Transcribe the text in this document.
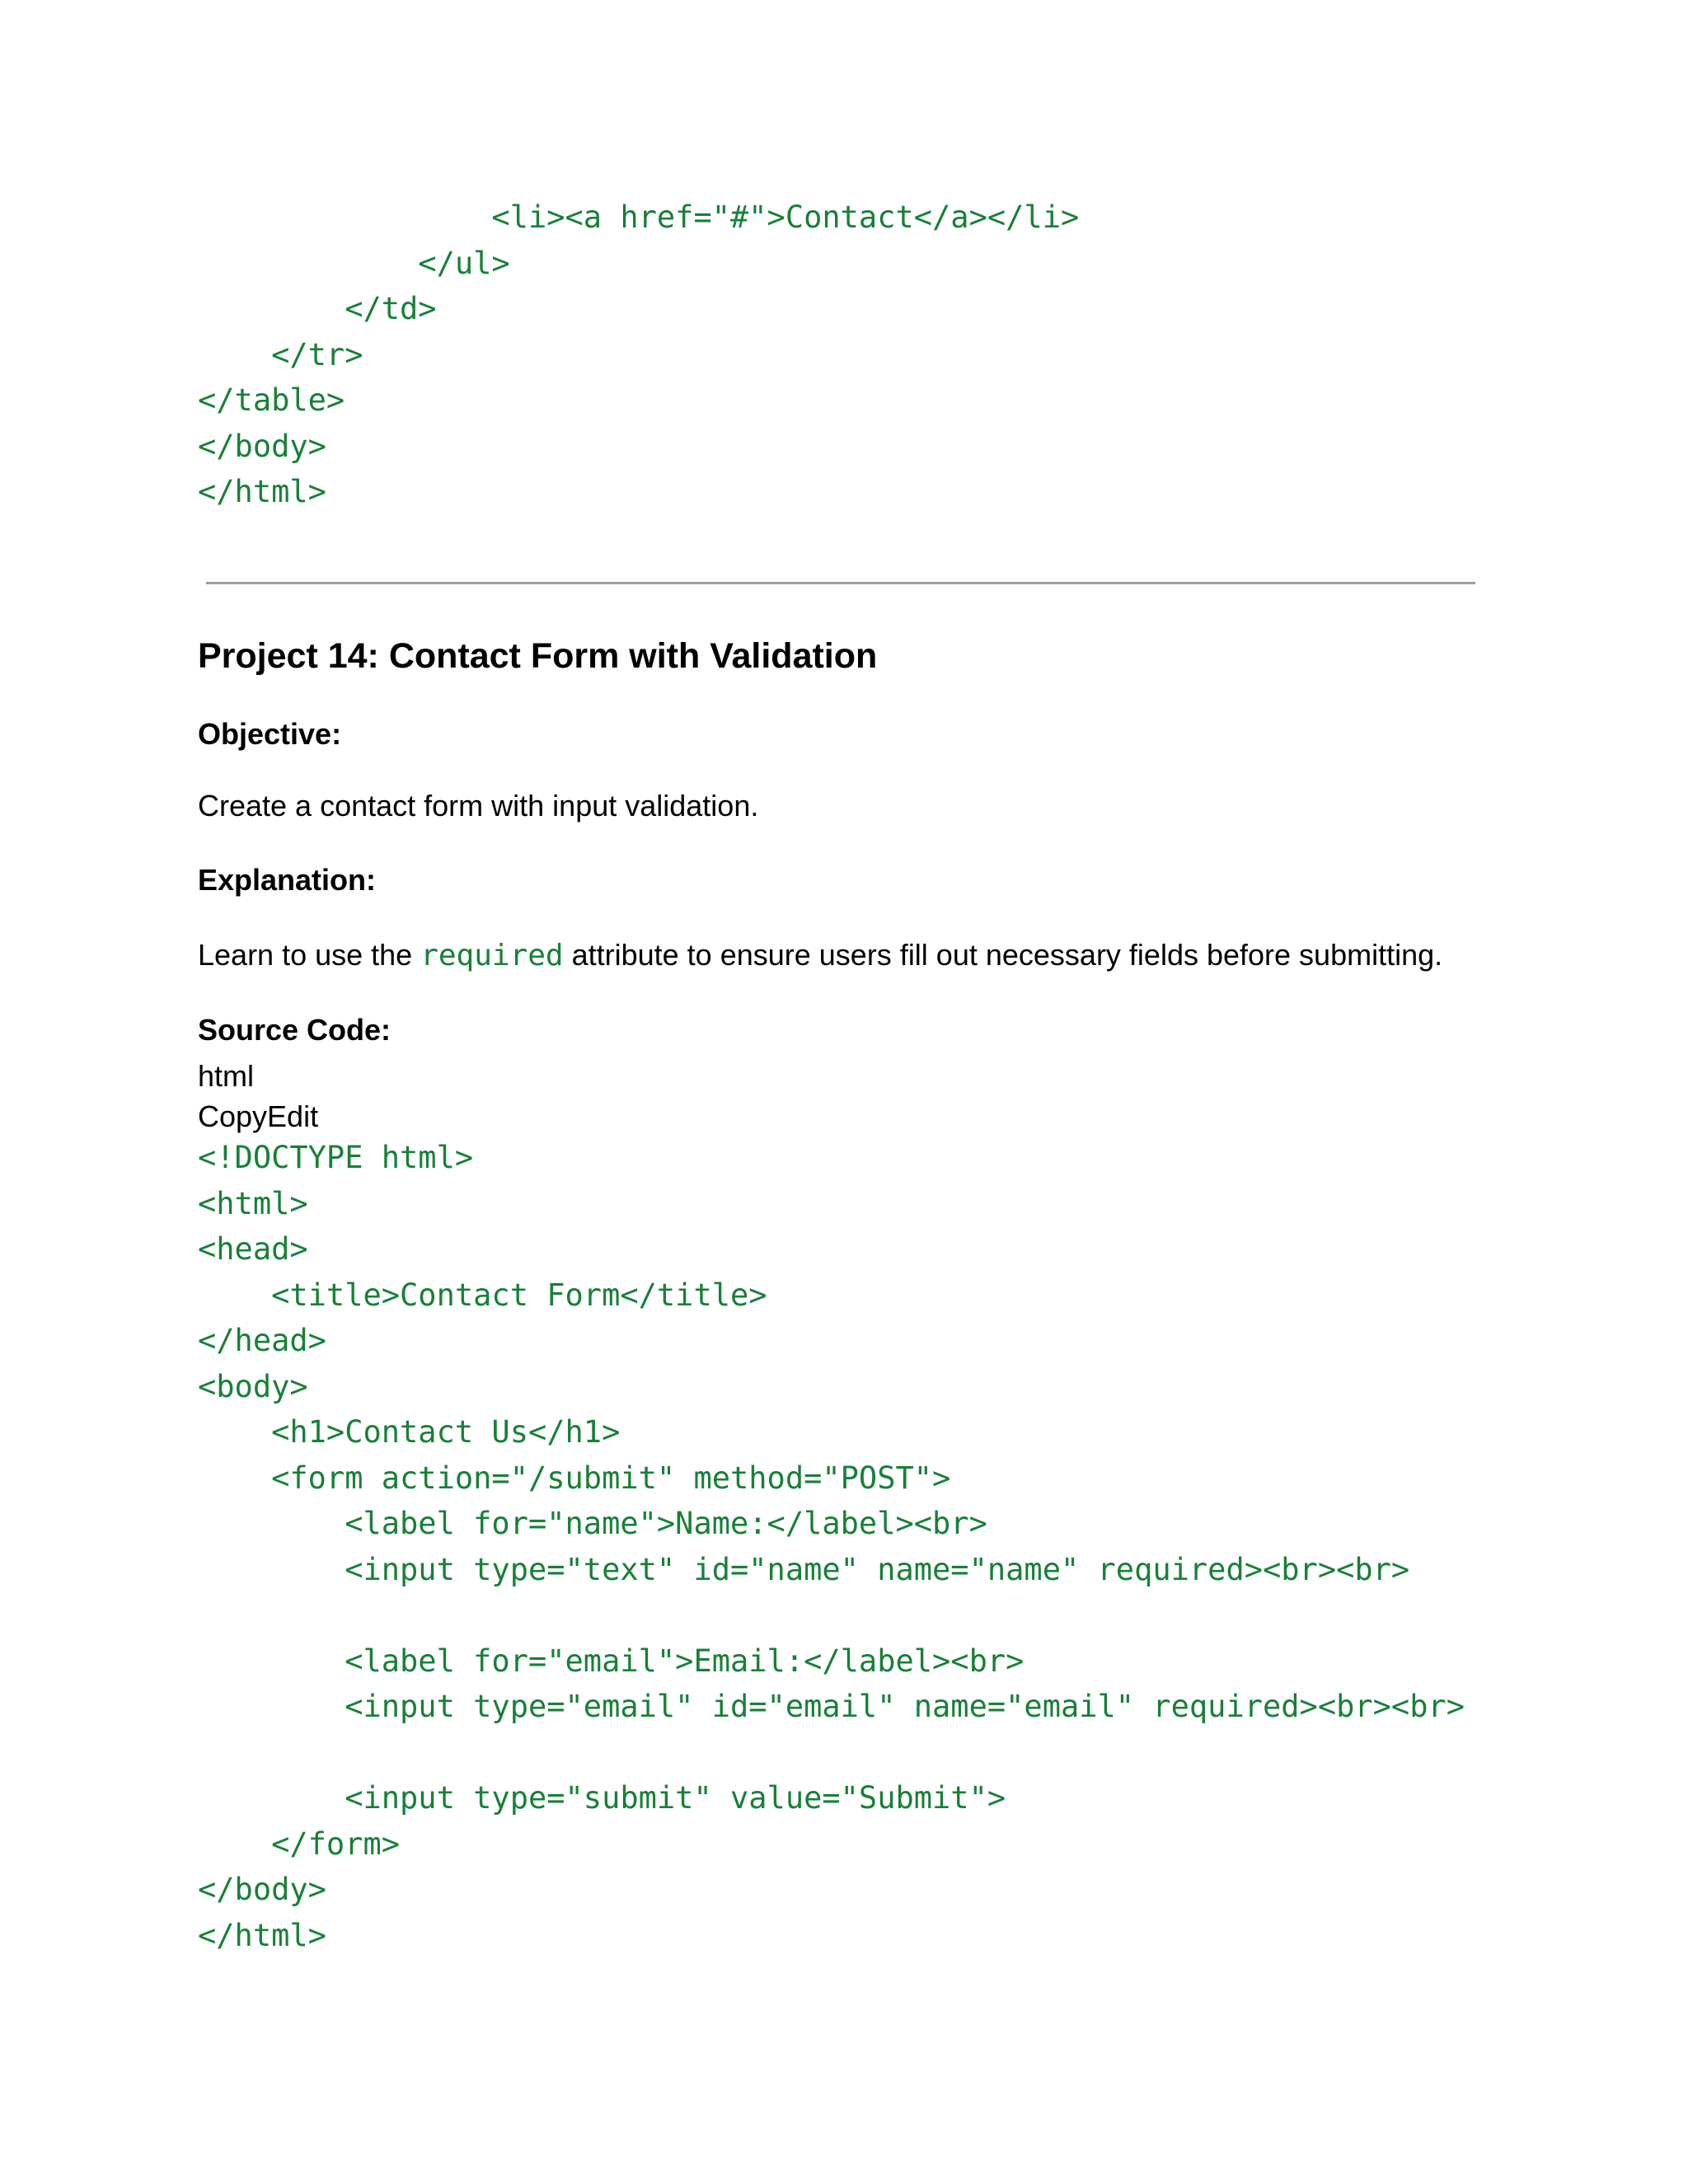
<li><a href="#">Contact</a></li>
</ul>
</td>
</tr>
</table>
</body>
</html>
Project 14: Contact Form with Validation

Objective:

Create a contact form with input validation.

Explanation:

Learn to use the required attribute to ensure users fill out necessary fields before submitting.

Source Code:

html

CopyEdit

<!DOCTYPE html>
<html>
<head>
<title>Contact Form</title>
</head>
<body>
<h1>Contact Us</h1>
<form action="/submit" method="POST">
<label for="name">Name:</label><br>
<input type="text" id="name" name="name" required><br><br>
<label for="email">Email:</label><br>
<input type="email" id="email" name="email" required><br><br>
<input type="submit" value="Submit">
</form>
</body>
</html>
